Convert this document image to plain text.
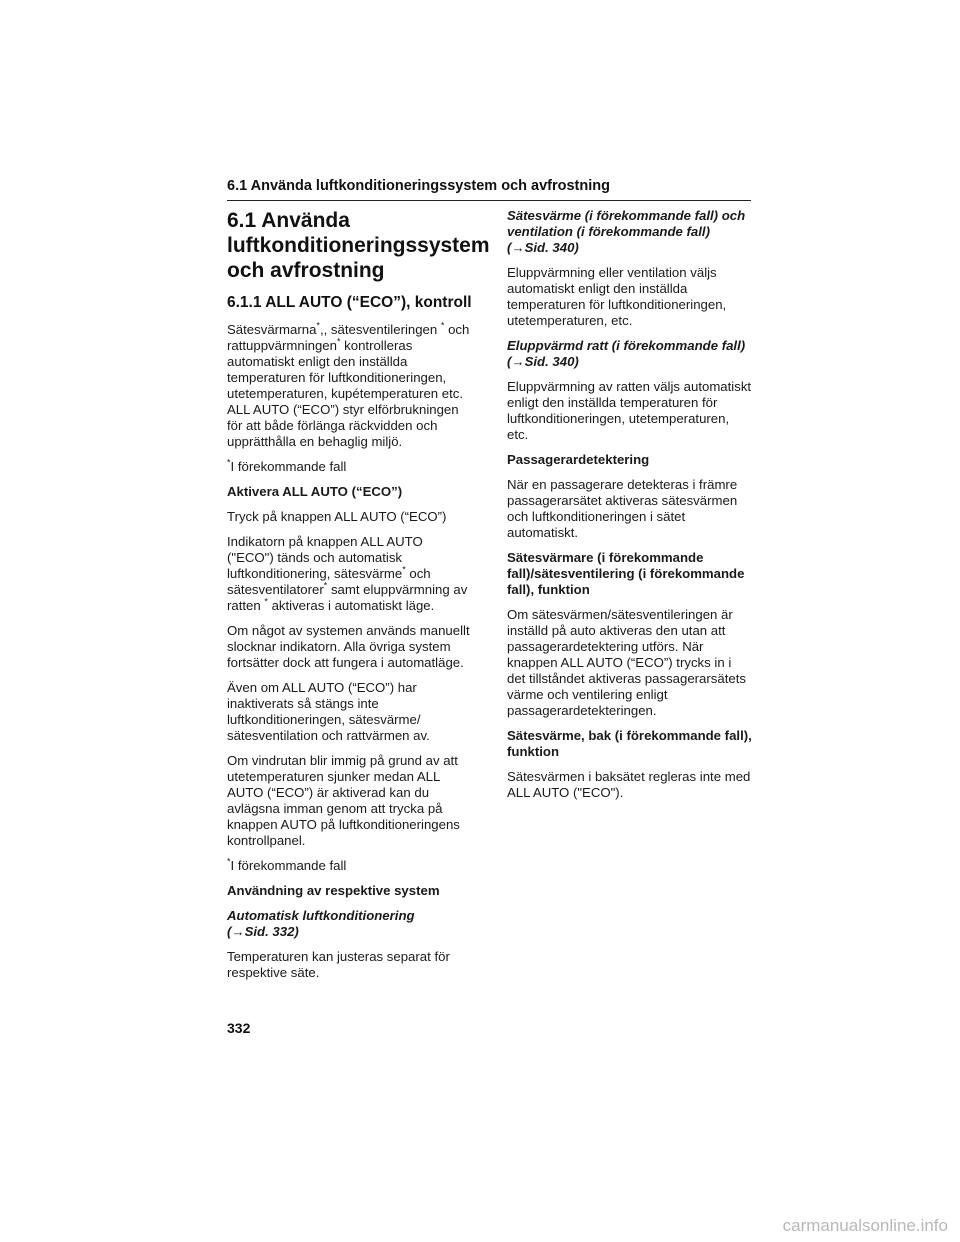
6.1 Använda luftkonditioneringssystem och avfrostning
6.1 Använda luftkonditioneringssystem och avfrostning
6.1.1 ALL AUTO (“ECO”), kontroll

Sätesvärmarna*,, sätesventileringen * och rattuppvärmningen* kontrolleras automatiskt enligt den inställda temperaturen för luftkonditioneringen, utetemperaturen, kupétemperaturen etc. ALL AUTO (“ECO”) styr elförbrukningen för att både förlänga räckvidden och upprätthålla en behaglig miljö.

*I förekommande fall

Aktivera ALL AUTO (“ECO”)

Tryck på knappen ALL AUTO (“ECO”)

Indikatorn på knappen ALL AUTO ("ECO") tänds och automatisk luftkonditionering, sätesvärme* och sätesventilatorer* samt eluppvärmning av ratten * aktiveras i automatiskt läge.

Om något av systemen används manuellt slocknar indikatorn. Alla övriga system fortsätter dock att fungera i automatläge.

Även om ALL AUTO (“ECO”) har inaktiverats så stängs inte luftkonditioneringen, sätesvärme/ sätesventilation och rattvärmen av.

Om vindrutan blir immig på grund av att utetemperaturen sjunker medan ALL AUTO (“ECO”) är aktiverad kan du avlägsna imman genom att trycka på knappen AUTO på luftkonditioneringens kontrollpanel.

*I förekommande fall

Användning av respektive system

Automatisk luftkonditionering
(→Sid. 332)

Temperaturen kan justeras separat för respektive säte.

Sätesvärme (i förekommande fall) och ventilation (i förekommande fall)
(→Sid. 340)

Eluppvärmning eller ventilation väljs automatiskt enligt den inställda temperaturen för luftkonditioneringen, utetemperaturen, etc.

Eluppvärmd ratt (i förekommande fall)
(→Sid. 340)

Eluppvärmning av ratten väljs automatiskt enligt den inställda temperaturen för luftkonditioneringen, utetemperaturen, etc.

Passagerardetektering

När en passagerare detekteras i främre passagerarsätet aktiveras sätesvärmen och luftkonditioneringen i sätet automatiskt.

Sätesvärmare (i förekommande fall)/sätesventilering (i förekommande fall), funktion

Om sätesvärmen/sätesventileringen är inställd på auto aktiveras den utan att passagerardetektering utförs. När knappen ALL AUTO (“ECO”) trycks in i det tillståndet aktiveras passagerarsätets värme och ventilering enligt passagerardetekteringen.

Sätesvärme, bak (i förekommande fall), funktion

Sätesvärmen i baksätet regleras inte med ALL AUTO ("ECO").

332
carmanualsonline.info
